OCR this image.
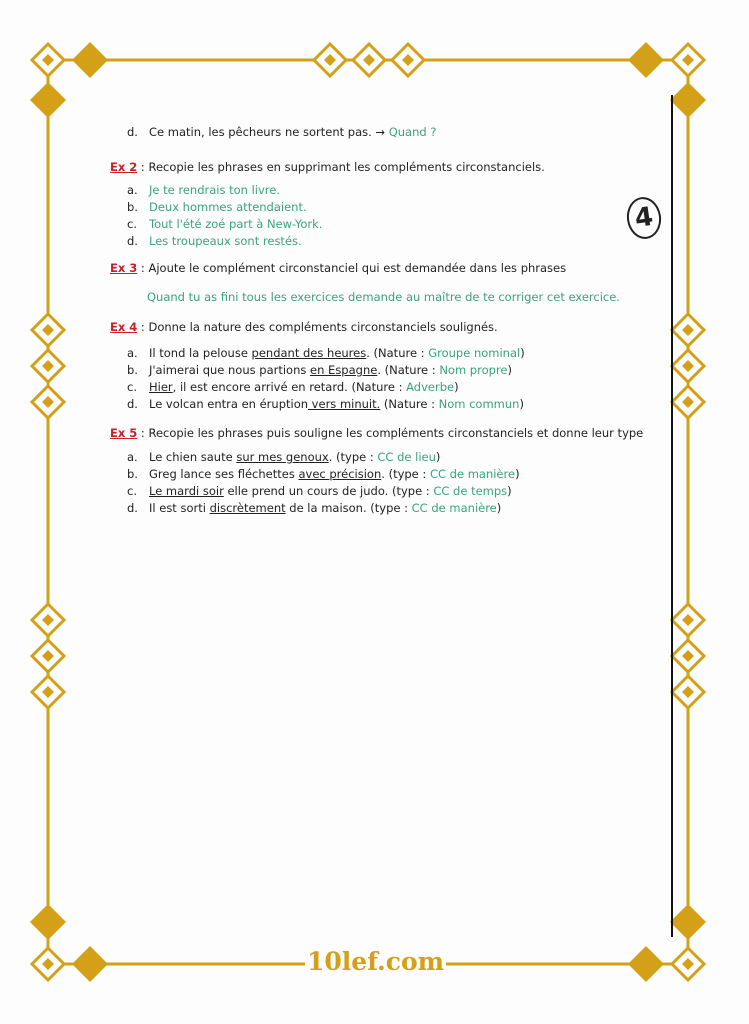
4
10lef.com
d. Ce matin, les pêcheurs ne sortent pas. → Quand ?
Ex 2 : Recopie les phrases en supprimant les compléments circonstanciels.
a. Je te rendrais ton livre.
b. Deux hommes attendaient.
c. Tout l'été zoé part à New-York.
d. Les troupeaux sont restés.
Ex 3 : Ajoute le complément circonstanciel qui est demandée dans les phrases
Quand tu as fini tous les exercices demande au maître de te corriger cet exercice.
Ex 4 : Donne la nature des compléments circonstanciels soulignés.
a. Il tond la pelouse pendant des heures. (Nature : Groupe nominal)
b. J'aimerai que nous partions en Espagne. (Nature : Nom propre)
c. Hier, il est encore arrivé en retard. (Nature : Adverbe)
d. Le volcan entra en éruption vers minuit. (Nature : Nom commun)
Ex 5 : Recopie les phrases puis souligne les compléments circonstanciels et donne leur type
a. Le chien saute sur mes genoux. (type : CC de lieu)
b. Greg lance ses fléchettes avec précision. (type : CC de manière)
c. Le mardi soir elle prend un cours de judo. (type : CC de temps)
d. Il est sorti discrètement de la maison. (type : CC de manière)
